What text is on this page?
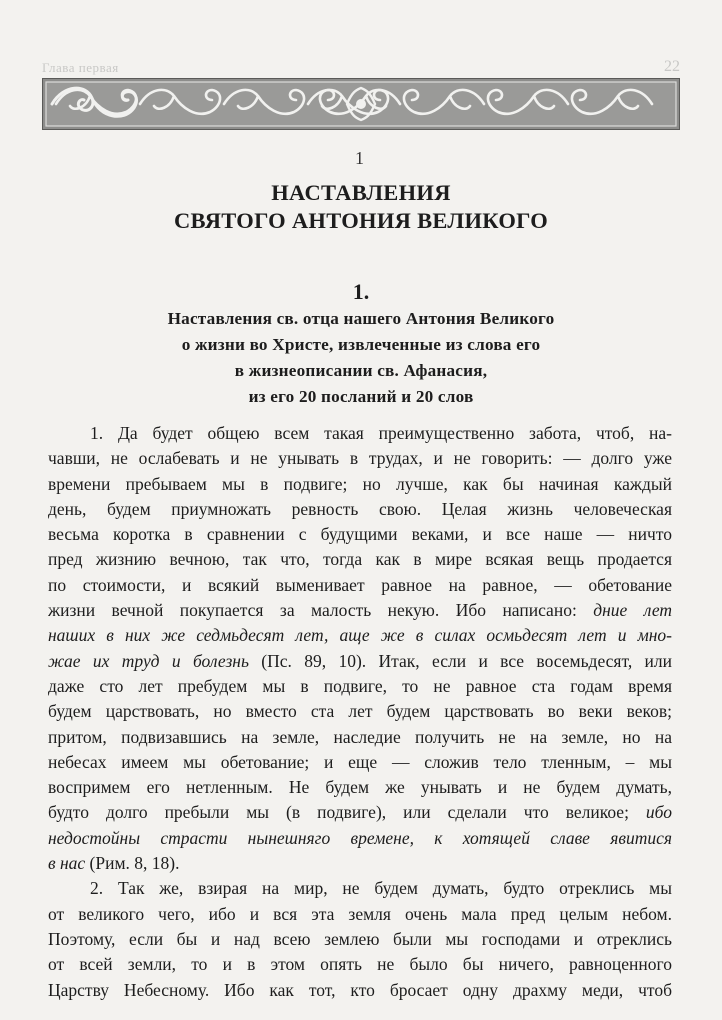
Глава первая	22
1
НАСТАВЛЕНИЯ
СВЯТОГО АНТОНИЯ ВЕЛИКОГО
1.
Наставления св. отца нашего Антония Великого
о жизни во Христе, извлеченные из слова его
в жизнеописании св. Афанасия,
из его 20 посланий и 20 слов
1. Да будет общею всем такая преимущественно забота, чтоб, на-
чавши, не ослабевать и не унывать в трудах, и не говорить: — долго уже
времени пребываем мы в подвиге; но лучше, как бы начиная каждый
день, будем приумножать ревность свою. Целая жизнь человеческая
весьма коротка в сравнении с будущими веками, и все наше — ничто
пред жизнию вечною, так что, тогда как в мире всякая вещь продается
по стоимости, и всякий выменивает равное на равное, — обетование
жизни вечной покупается за малость некую. Ибо написано: дние лет
наших в них же седмьдесят лет, аще же в силах осмьдесят лет и мно-
жае их труд и болезнь (Пс. 89, 10). Итак, если и все восемьдесят, или
даже сто лет пребудем мы в подвиге, то не равное ста годам время
будем царствовать, но вместо ста лет будем царствовать во веки веков;
притом, подвизавшись на земле, наследие получить не на земле, но на
небесах имеем мы обетование; и еще — сложив тело тленным, – мы
воспримем его нетленным. Не будем же унывать и не будем думать,
будто долго пребыли мы (в подвиге), или сделали что великое; ибо
недостойны страсти нынешняго времене, к хотящей славе явитися
в нас (Рим. 8, 18).
2. Так же, взирая на мир, не будем думать, будто отреклись мы
от великого чего, ибо и вся эта земля очень мала пред целым небом.
Поэтому, если бы и над всею землею были мы господами и отреклись
от всей земли, то и в этом опять не было бы ничего, равноценного
Царству Небесному. Ибо как тот, кто бросает одну драхму меди, чтоб
